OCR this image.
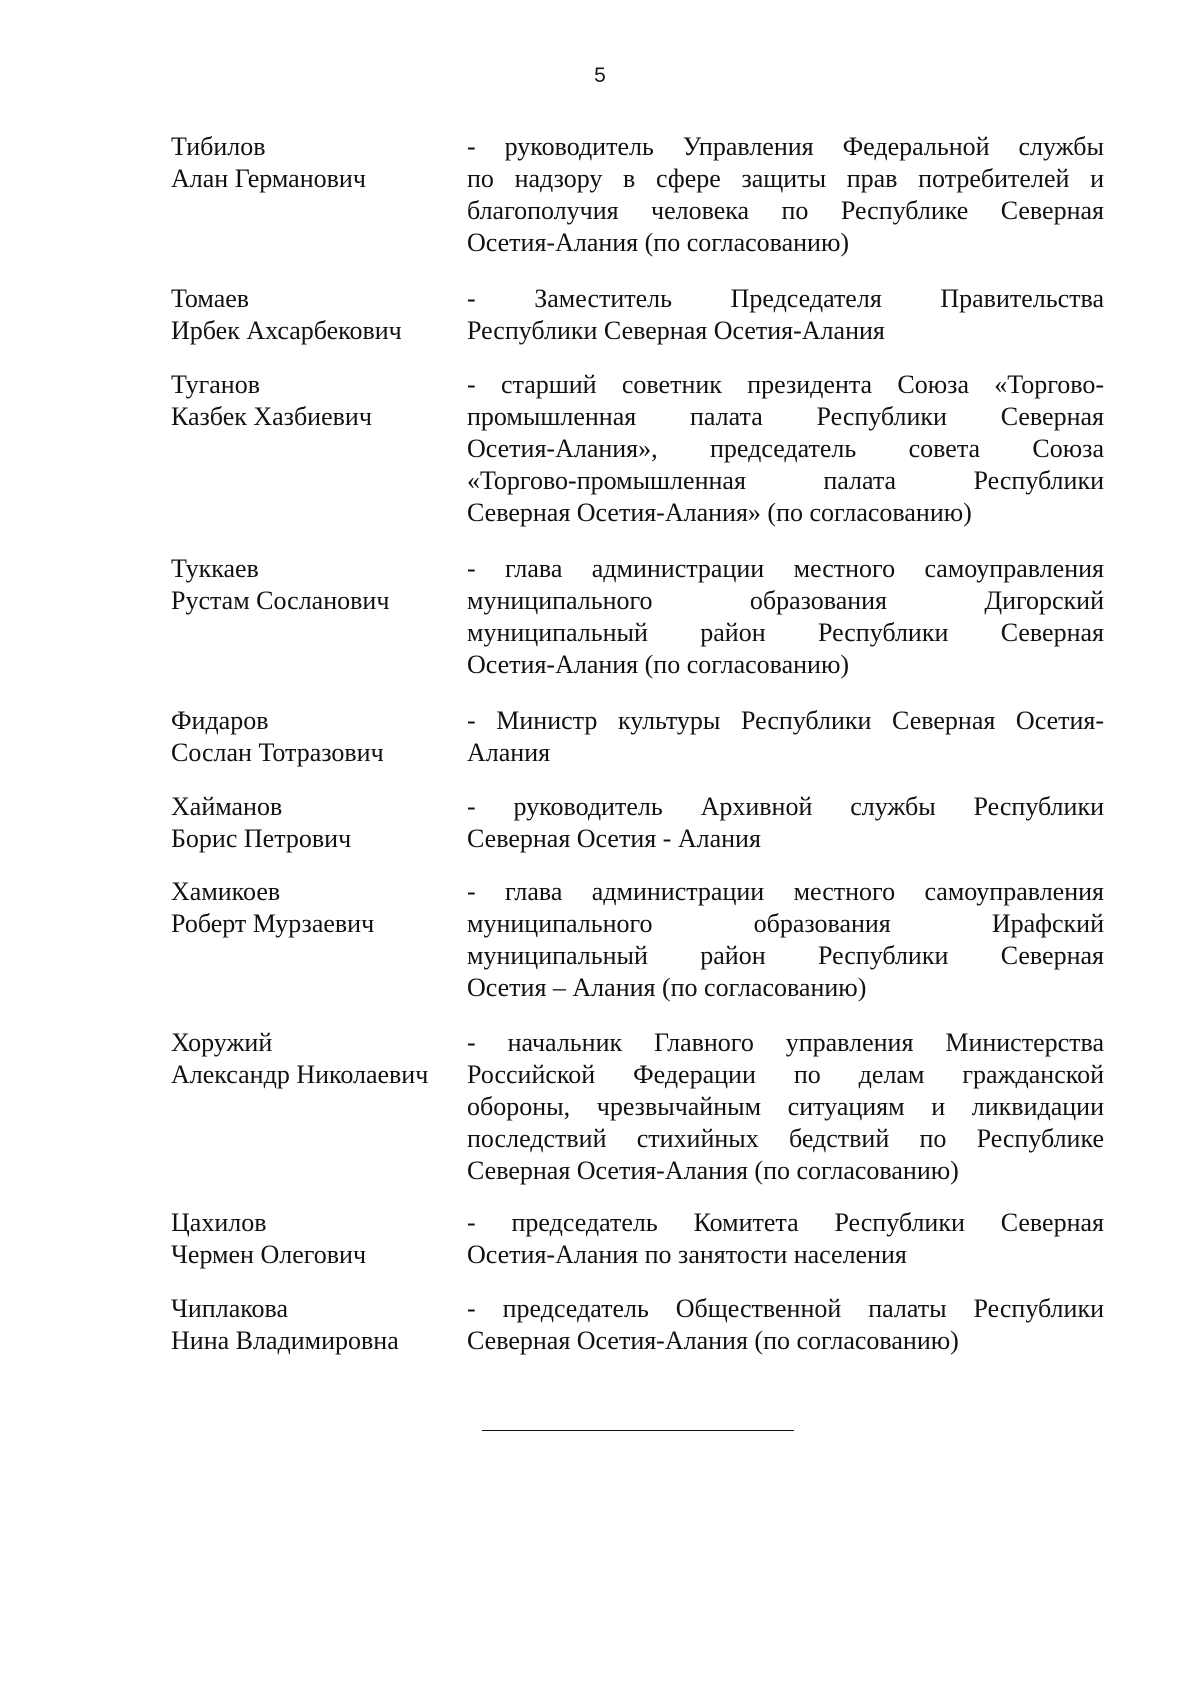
5
Тибилов
Алан Германович
- руководитель Управления Федеральной службы
по надзору в сфере защиты прав потребителей и
благополучия человека по Республике Северная
Осетия-Алания (по согласованию)
Томаев
Ирбек Ахсарбекович
- Заместитель Председателя Правительства
Республики Северная Осетия-Алания
Туганов
Казбек Хазбиевич
- старший советник президента Союза «Торгово-
промышленная палата Республики Северная
Осетия-Алания», председатель совета Союза
«Торгово-промышленная палата Республики
Северная Осетия-Алания» (по согласованию)
Туккаев
Рустам Сосланович
- глава администрации местного самоуправления
муниципального образования Дигорский
муниципальный район Республики Северная
Осетия-Алания (по согласованию)
Фидаров
Сослан Тотразович
- Министр культуры Республики Северная Осетия-
Алания
Хайманов
Борис Петрович
- руководитель Архивной службы Республики
Северная Осетия - Алания
Хамикоев
Роберт Мурзаевич
- глава администрации местного самоуправления
муниципального образования Ирафский
муниципальный район Республики Северная
Осетия – Алания (по согласованию)
Хоружий
Александр Николаевич
- начальник Главного управления Министерства
Российской Федерации по делам гражданской
обороны, чрезвычайным ситуациям и ликвидации
последствий стихийных бедствий по Республике
Северная Осетия-Алания (по согласованию)
Цахилов
Чермен Олегович
- председатель Комитета Республики Северная
Осетия-Алания по занятости населения
Чиплакова
Нина Владимировна
- председатель Общественной палаты Республики
Северная Осетия-Алания (по согласованию)
